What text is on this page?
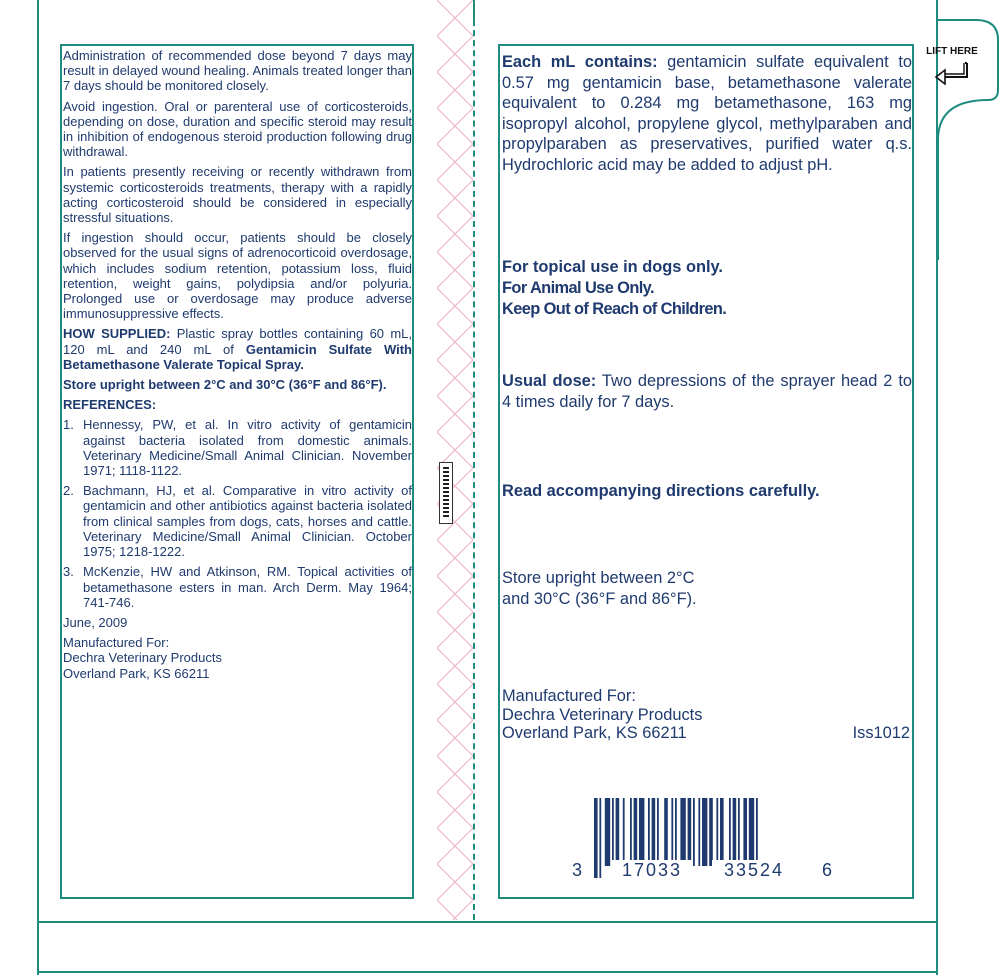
LIFT HERE

Administration of recommended dose beyond 7 days may result in delayed wound healing. Animals treated longer than 7 days should be monitored closely.

Avoid ingestion. Oral or parenteral use of corticosteroids, depending on dose, duration and specific steroid may result in inhibition of endogenous steroid production following drug withdrawal.

In patients presently receiving or recently withdrawn from systemic corticosteroids treatments, therapy with a rapidly acting corticosteroid should be considered in especially stressful situations.

If ingestion should occur, patients should be closely observed for the usual signs of adrenocorticoid overdosage, which includes sodium retention, potassium loss, fluid retention, weight gains, polydipsia and/or polyuria. Prolonged use or overdosage may produce adverse immunosuppressive effects.

HOW SUPPLIED: Plastic spray bottles containing 60 mL, 120 mL and 240 mL of Gentamicin Sulfate With Betamethasone Valerate Topical Spray.

Store upright between 2°C and 30°C (36°F and 86°F).

REFERENCES:

1. Hennessy, PW, et al. In vitro activity of gentamicin against bacteria isolated from domestic animals. Veterinary Medicine/Small Animal Clinician. November 1971; 1118-1122.
2. Bachmann, HJ, et al. Comparative in vitro activity of gentamicin and other antibiotics against bacteria isolated from clinical samples from dogs, cats, horses and cattle. Veterinary Medicine/Small Animal Clinician. October 1975; 1218-1222.
3. McKenzie, HW and Atkinson, RM. Topical activities of betamethasone esters in man. Arch Derm. May 1964; 741-746.

June, 2009

Manufactured For:
Dechra Veterinary Products
Overland Park, KS 66211
Each mL contains: gentamicin sulfate equivalent to 0.57 mg gentamicin base, betamethasone valerate equivalent to 0.284 mg betamethasone, 163 mg isopropyl alcohol, propylene glycol, methylparaben and propylparaben as preservatives, purified water q.s. Hydrochloric acid may be added to adjust pH.
For topical use in dogs only.
For Animal Use Only.
Keep Out of Reach of Children.
Usual dose: Two depressions of the sprayer head 2 to 4 times daily for 7 days.
Read accompanying directions carefully.
Store upright between 2°C
and 30°C (36°F and 86°F).
Manufactured For:
Dechra Veterinary Products
Overland Park, KS 66211	Iss1012
3	17033	33524	6
